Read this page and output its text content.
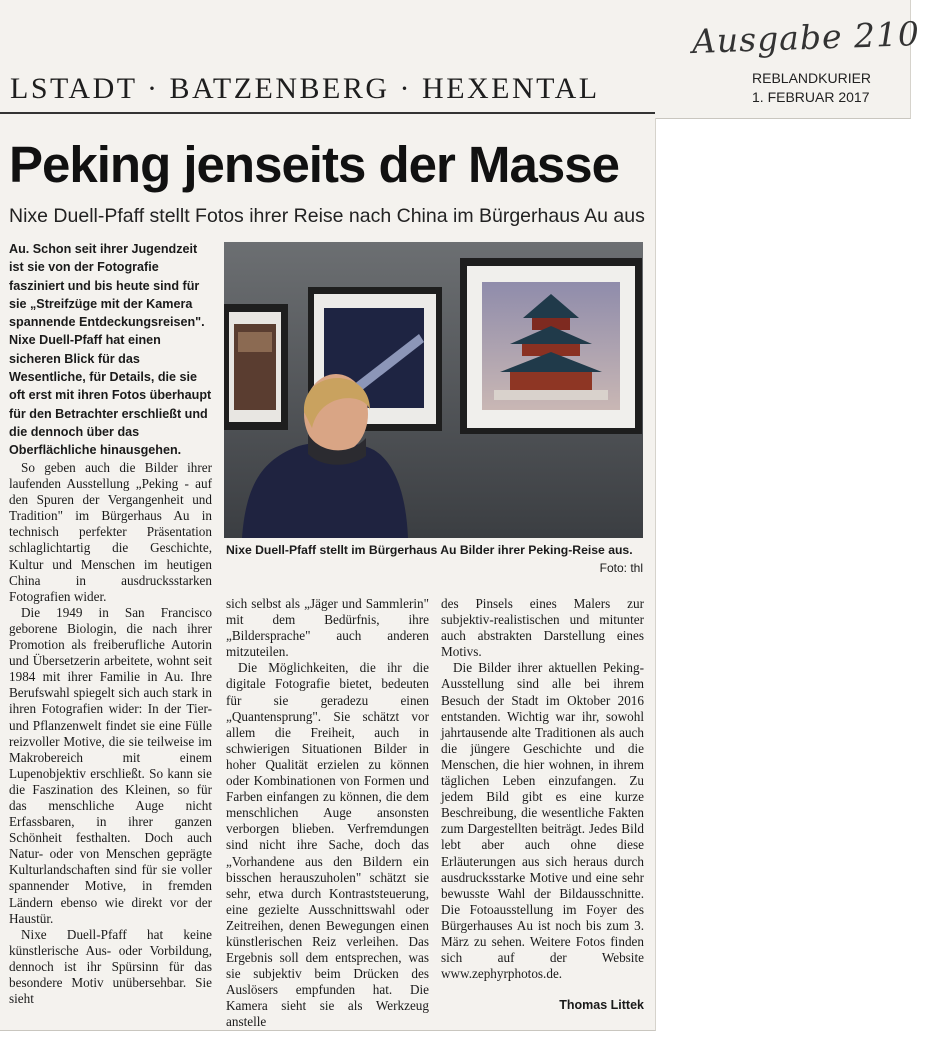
LSTADT · BATZENBERG · HEXENTAL
Ausgabe 210
REBLANDKURIER
1. FEBRUAR 2017
Peking jenseits der Masse
Nixe Duell-Pfaff stellt Fotos ihrer Reise nach China im Bürgerhaus Au aus
Au. Schon seit ihrer Jugendzeit ist sie von der Fotografie fasziniert und bis heute sind für sie „Streifzüge mit der Kamera spannende Entdeckungsreisen". Nixe Duell-Pfaff hat einen sicheren Blick für das Wesentliche, für Details, die sie oft erst mit ihren Fotos überhaupt für den Betrachter erschließt und die dennoch über das Oberflächliche hinausgehen.

So geben auch die Bilder ihrer laufenden Ausstellung „Peking - auf den Spuren der Vergangenheit und Tradition" im Bürgerhaus Au in technisch perfekter Präsentation schlaglichtartig die Geschichte, Kultur und Menschen im heutigen China in ausdrucksstarken Fotografien wider.

Die 1949 in San Francisco geborene Biologin, die nach ihrer Promotion als freiberufliche Autorin und Übersetzerin arbeitete, wohnt seit 1984 mit ihrer Familie in Au. Ihre Berufswahl spiegelt sich auch stark in ihren Fotografien wider: In der Tier- und Pflanzenwelt findet sie eine Fülle reizvoller Motive, die sie teilweise im Makrobereich mit einem Lupenobjektiv erschließt. So kann sie die Faszination des Kleinen, so für das menschliche Auge nicht Erfassbaren, in ihrer ganzen Schönheit festhalten. Doch auch Natur- oder von Menschen geprägte Kulturlandschaften sind für sie voller spannender Motive, in fremden Ländern ebenso wie direkt vor der Haustür.

Nixe Duell-Pfaff hat keine künstlerische Aus- oder Vorbildung, dennoch ist ihr Spürsinn für das besondere Motiv unübersehbar. Sie sieht

Nixe Duell-Pfaff stellt im Bürgerhaus Au Bilder ihrer Peking-Reise aus.
Foto: thl

sich selbst als „Jäger und Sammlerin" mit dem Bedürfnis, ihre „Bildersprache" auch anderen mitzuteilen.

Die Möglichkeiten, die ihr die digitale Fotografie bietet, bedeuten für sie geradezu einen „Quantensprung". Sie schätzt vor allem die Freiheit, auch in schwierigen Situationen Bilder in hoher Qualität erzielen zu können oder Kombinationen von Formen und Farben einfangen zu können, die dem menschlichen Auge ansonsten verborgen blieben. Verfremdungen sind nicht ihre Sache, doch das „Vorhandene aus den Bildern ein bisschen herauszuholen" schätzt sie sehr, etwa durch Kontraststeuerung, eine gezielte Ausschnittswahl oder Zeitreihen, denen Bewegungen einen künstlerischen Reiz verleihen. Das Ergebnis soll dem entsprechen, was sie subjektiv beim Drücken des Auslösers empfunden hat. Die Kamera sieht sie als Werkzeug anstelle

des Pinsels eines Malers zur subjektiv-realistischen und mitunter auch abstrakten Darstellung eines Motivs.

Die Bilder ihrer aktuellen Peking-Ausstellung sind alle bei ihrem Besuch der Stadt im Oktober 2016 entstanden. Wichtig war ihr, sowohl jahrtausende alte Traditionen als auch die jüngere Geschichte und die Menschen, die hier wohnen, in ihrem täglichen Leben einzufangen. Zu jedem Bild gibt es eine kurze Beschreibung, die wesentliche Fakten zum Dargestellten beiträgt. Jedes Bild lebt aber auch ohne diese Erläuterungen aus sich heraus durch ausdrucksstarke Motive und eine sehr bewusste Wahl der Bildausschnitte. Die Fotoausstellung im Foyer des Bürgerhauses Au ist noch bis zum 3. März zu sehen. Weitere Fotos finden sich auf der Website www.zephyrphotos.de.

Thomas Littek
